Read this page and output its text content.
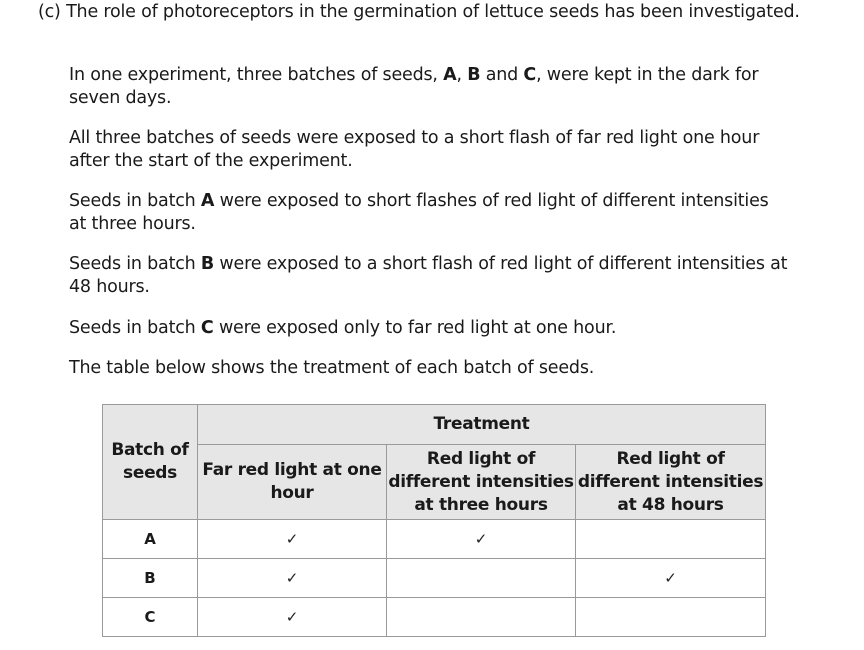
(c) The role of photoreceptors in the germination of lettuce seeds has been investigated.
In one experiment, three batches of seeds, A, B and C, were kept in the dark for seven days.
All three batches of seeds were exposed to a short flash of far red light one hour after the start of the experiment.
Seeds in batch A were exposed to short flashes of red light of different intensities at three hours.
Seeds in batch B were exposed to a short flash of red light of different intensities at 48 hours.
Seeds in batch C were exposed only to far red light at one hour.
The table below shows the treatment of each batch of seeds.
Batch of seeds	Treatment		
	Far red light at one hour	Red light of different intensities at three hours	Red light of different intensities at 48 hours
A	✓	✓	
B	✓		✓
C	✓		
